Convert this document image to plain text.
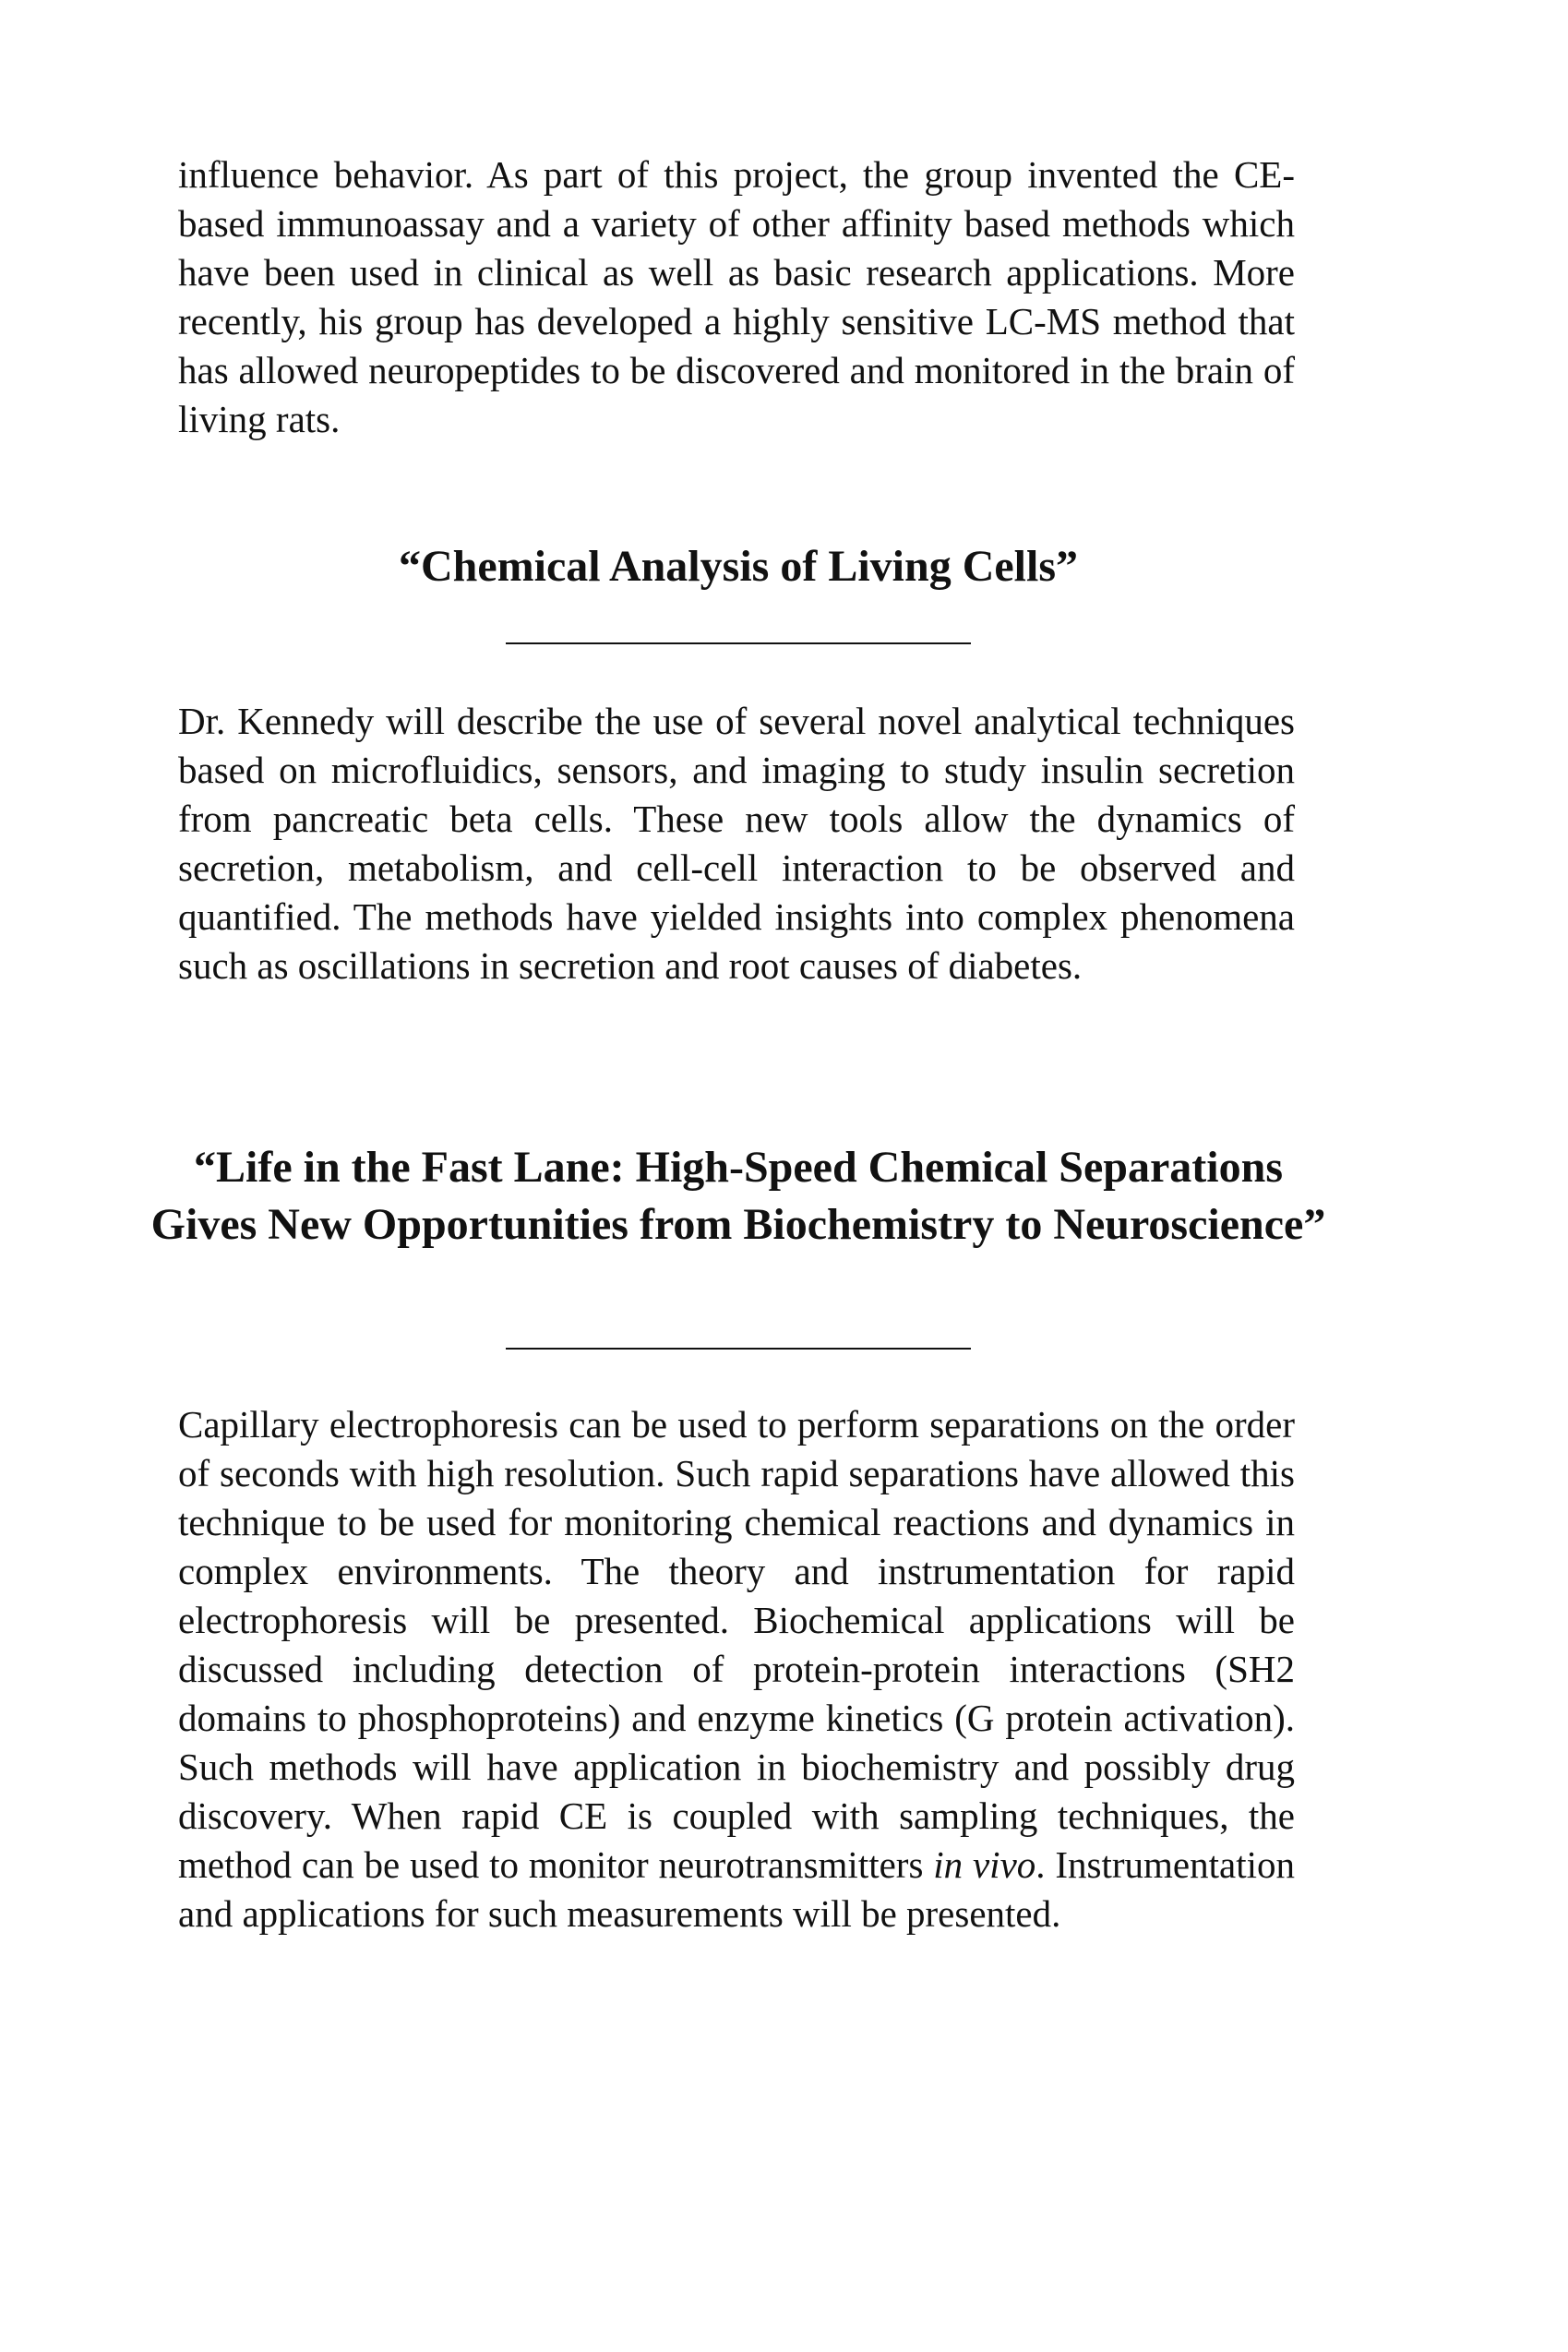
influence behavior. As part of this project, the group invented the CE-based immunoassay and a variety of other affinity based methods which have been used in clinical as well as basic research applications. More recently, his group has developed a highly sensitive LC-MS method that has allowed neuropeptides to be discovered and monitored in the brain of living rats.

“Chemical Analysis of Living Cells”

Dr. Kennedy will describe the use of several novel analytical techniques based on microfluidics, sensors, and imaging to study insulin secretion from pancreatic beta cells. These new tools allow the dynamics of secretion, metabolism, and cell-cell interaction to be observed and quantified. The methods have yielded insights into complex phenomena such as oscillations in secretion and root causes of diabetes.

“Life in the Fast Lane: High-Speed Chemical Separations Gives New Opportunities from Biochemistry to Neuroscience”

Capillary electrophoresis can be used to perform separations on the order of seconds with high resolution. Such rapid separations have allowed this technique to be used for monitoring chemical reactions and dynamics in complex environments. The theory and instrumentation for rapid electrophoresis will be presented. Biochemical applications will be discussed including detection of protein-protein interactions (SH2 domains to phosphoproteins) and enzyme kinetics (G protein activation). Such methods will have application in biochemistry and possibly drug discovery. When rapid CE is coupled with sampling techniques, the method can be used to monitor neurotransmitters in vivo. Instrumentation and applications for such measurements will be presented.
